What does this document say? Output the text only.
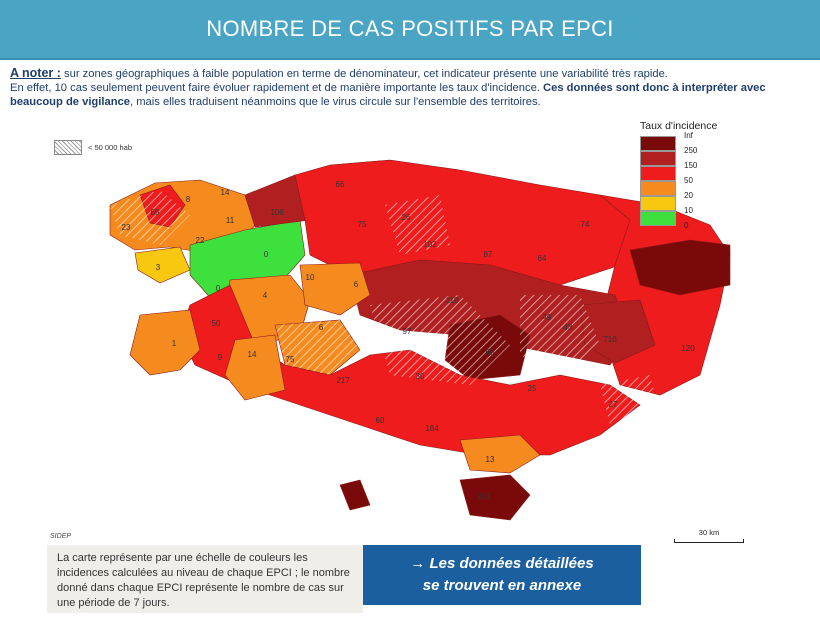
NOMBRE DE CAS POSITIFS PAR EPCI
A noter : sur zones géographiques à faible population en terme de dénominateur, cet indicateur présente une variabilité très rapide.
En effet, 10 cas seulement peuvent faire évoluer rapidement et de manière importante les taux d'incidence. Ces données sont donc à interpréter avec beaucoup de vigilance, mais elles traduisent néanmoins que le virus circule sur l'ensemble des territoires.
< 50 000 hab
14
8
23
65
3
22
11
106
66
75
26
102
87	64
74
0
0
4
10
6
6
118
97
30
49
43
98
50
1
9	14
75
217
710
120
25
27
60
184
13
201
Taux d'incidence
Inf
250
150
50
20
10
0
SIDEP	30 km
La carte représente par une échelle de couleurs les incidences calculées au niveau de chaque EPCI ; le nombre donné dans chaque EPCI représente le nombre de cas sur une période de 7 jours.
→ Les données détaillées
se trouvent en annexe
